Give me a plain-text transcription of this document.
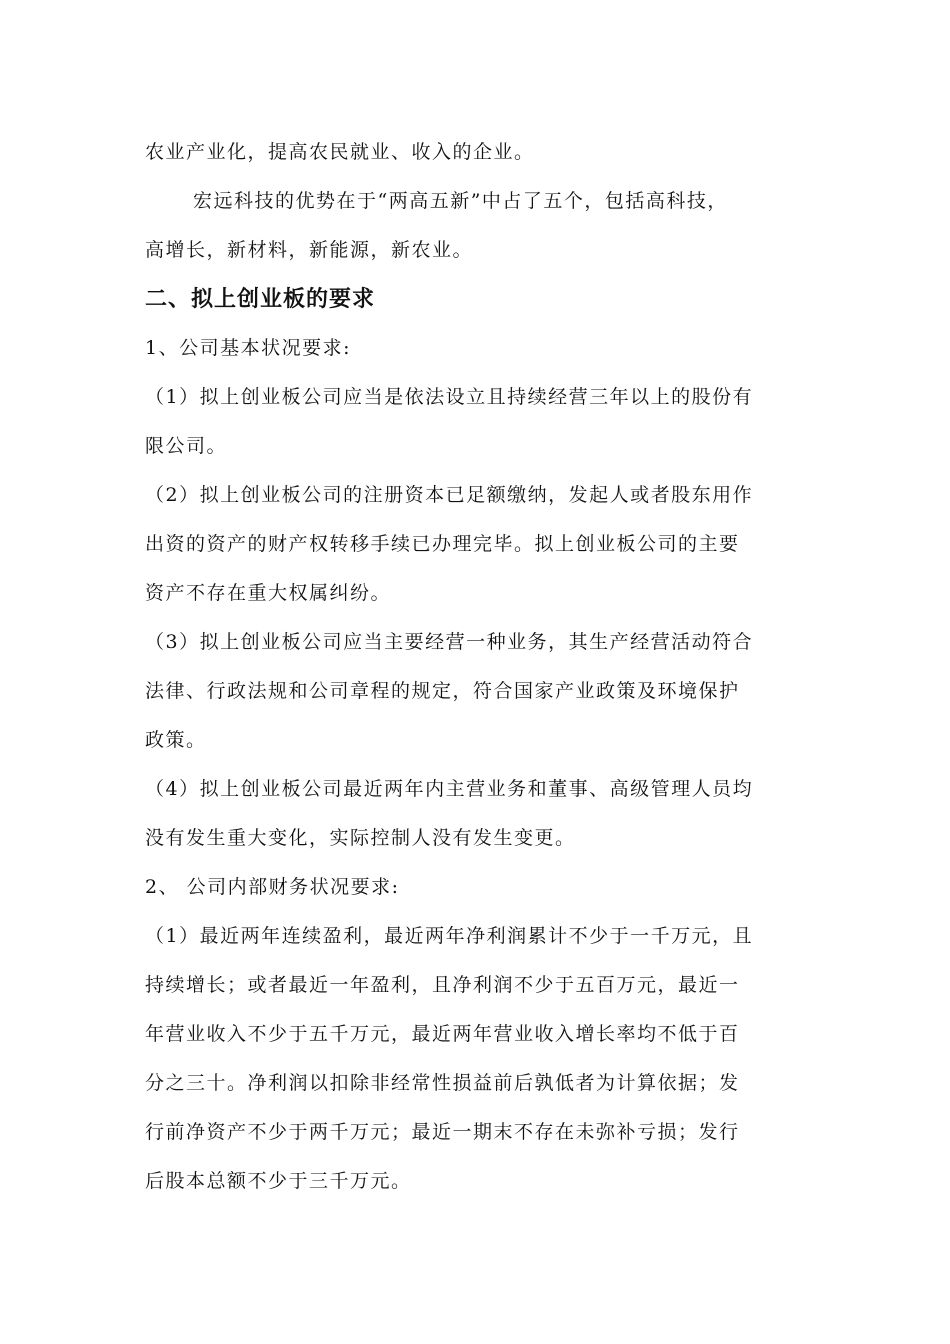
农业产业化，提高农民就业、收入的企业。
宏远科技的优势在于“两高五新”中占了五个，包括高科技，
高增长，新材料，新能源，新农业。
二、拟上创业板的要求
1、公司基本状况要求:
（1）拟上创业板公司应当是依法设立且持续经营三年以上的股份有
限公司。
（2）拟上创业板公司的注册资本已足额缴纳，发起人或者股东用作
出资的资产的财产权转移手续已办理完毕。拟上创业板公司的主要
资产不存在重大权属纠纷。
（3）拟上创业板公司应当主要经营一种业务，其生产经营活动符合
法律、行政法规和公司章程的规定，符合国家产业政策及环境保护
政策。
（4）拟上创业板公司最近两年内主营业务和董事、高级管理人员均
没有发生重大变化，实际控制人没有发生变更。
2、 公司内部财务状况要求:
（1）最近两年连续盈利，最近两年净利润累计不少于一千万元，且
持续增长；或者最近一年盈利，且净利润不少于五百万元，最近一
年营业收入不少于五千万元，最近两年营业收入增长率均不低于百
分之三十。净利润以扣除非经常性损益前后孰低者为计算依据；发
行前净资产不少于两千万元；最近一期末不存在未弥补亏损；发行
后股本总额不少于三千万元。
